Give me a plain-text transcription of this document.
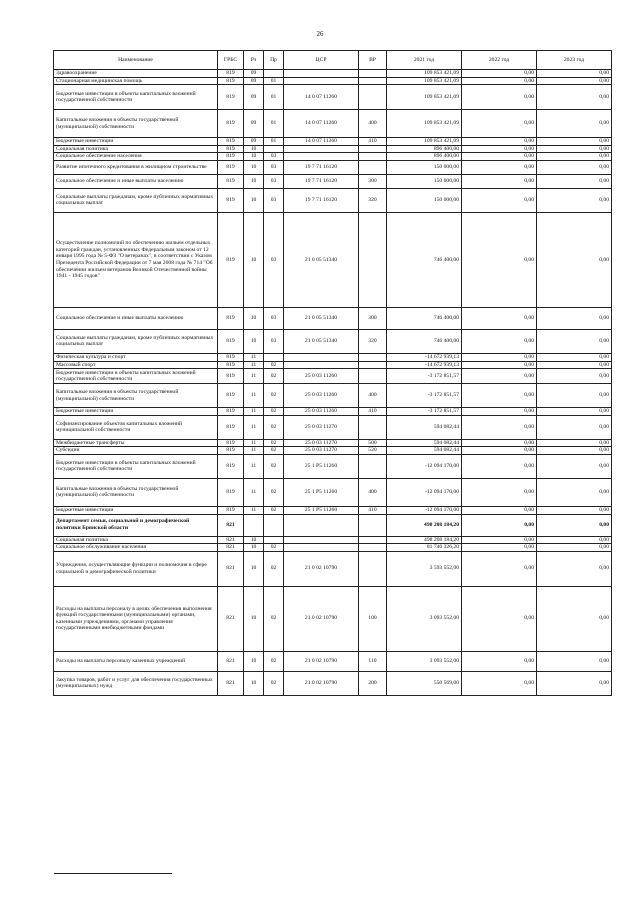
26
Наименование	ГРБС	Рз	Пр	ЦСР	ВР	2021 год	2022 год	2023 год
Здравоохранение	819	09				109 853 421,09	0,00	0,00
Стационарная медицинская помощь	819	09	01			109 853 421,09	0,00	0,00
Бюджетные инвестиции в объекты капитальных вложений государственной собственности	819	09	01	14 0 07 11260		109 853 421,09	0,00	0,00
Капитальные вложения в объекты государственной (муниципальной) собственности	819	09	01	14 0 07 11260	400	109 853 421,09	0,00	0,00
Бюджетные инвестиции	819	09	01	14 0 07 11260	410	109 853 421,09	0,00	0,00
Социальная политика	819	10				896 400,00	0,00	0,00
Социальное обеспечение населения	819	10	03			896 400,00	0,00	0,00
Развитие ипотечного кредитования в жилищном строительстве	819	10	03	19 7 71 16120		150 000,00	0,00	0,00
Социальное обеспечение и иные выплаты населению	819	10	03	19 7 71 16120	300	150 000,00	0,00	0,00
Социальные выплаты гражданам, кроме публичных нормативных социальных выплат	819	10	03	19 7 71 16120	320	150 000,00	0,00	0,00
Осуществление полномочий по обеспечению жильем отдельных категорий граждан, установленных Федеральным законом от 12 января 1995 года № 5-ФЗ "О ветеранах", в соответствии с Указом Президента Российской Федерации от 7 мая 2008 года № 714 "Об обеспечении жильем ветеранов Великой Отечественной войны 1941 - 1945 годов"	819	10	03	21 0 05 51340		746 400,00	0,00	0,00
Социальное обеспечение и иные выплаты населению	819	10	03	21 0 05 51340	300	746 400,00	0,00	0,00
Социальные выплаты гражданам, кроме публичных нормативных социальных выплат	819	10	03	21 0 05 51340	320	746 400,00	0,00	0,00
Физическая культура и спорт	819	11				-14 672 939,13	0,00	0,00
Массовый спорт	819	11	02			-14 672 939,13	0,00	0,00
Бюджетные инвестиции в объекты капитальных вложений государственной собственности	819	11	02	25 0 03 11260		-3 172 851,57	0,00	0,00
Капитальные вложения в объекты государственной (муниципальной) собственности	819	11	02	25 0 03 11260	400	-3 172 851,57	0,00	0,00
Бюджетные инвестиции	819	11	02	25 0 03 11260	410	-3 172 851,57	0,00	0,00
Софинансирование объектов капитальных вложений муниципальной собственности	819	11	02	25 0 03 11270		594 082,44	0,00	0,00
Межбюджетные трансферты	819	11	02	25 0 03 11270	500	594 082,44	0,00	0,00
Субсидии	819	11	02	25 0 03 11270	520	594 082,44	0,00	0,00
Бюджетные инвестиции в объекты капитальных вложений государственной собственности	819	11	02	25 1 P5 11260		-12 094 170,00	0,00	0,00
Капитальные вложения в объекты государственной (муниципальной) собственности	819	11	02	25 1 P5 11260	400	-12 094 170,00	0,00	0,00
Бюджетные инвестиции	819	11	02	25 1 P5 11260	410	-12 094 170,00	0,00	0,00
Департамент семьи, социальной и демографической политики Брянской области	821					498 208 184,20	0,00	0,00
Социальная политика	821	10				498 208 184,20	0,00	0,00
Социальное обслуживание населения	821	10	02			81 746 326,20	0,00	0,00
Учреждения, осуществляющие функции и полномочия в сфере социальной и демографической политики	821	10	02	21 0 02 10790		3 593 552,00	0,00	0,00
Расходы на выплаты персоналу в целях обеспечения выполнения функций государственными (муниципальными) органами, казенными учреждениями, органами управления государственными внебюджетными фондами	821	10	02	21 0 02 10790	100	3 093 552,00	0,00	0,00
Расходы на выплаты персоналу казенных учреждений	821	10	02	21 0 02 10790	110	3 093 552,00	0,00	0,00
Закупка товаров, работ и услуг для обеспечения государственных (муниципальных) нужд	821	10	02	21 0 02 10790	200	550 569,00	0,00	0,00
